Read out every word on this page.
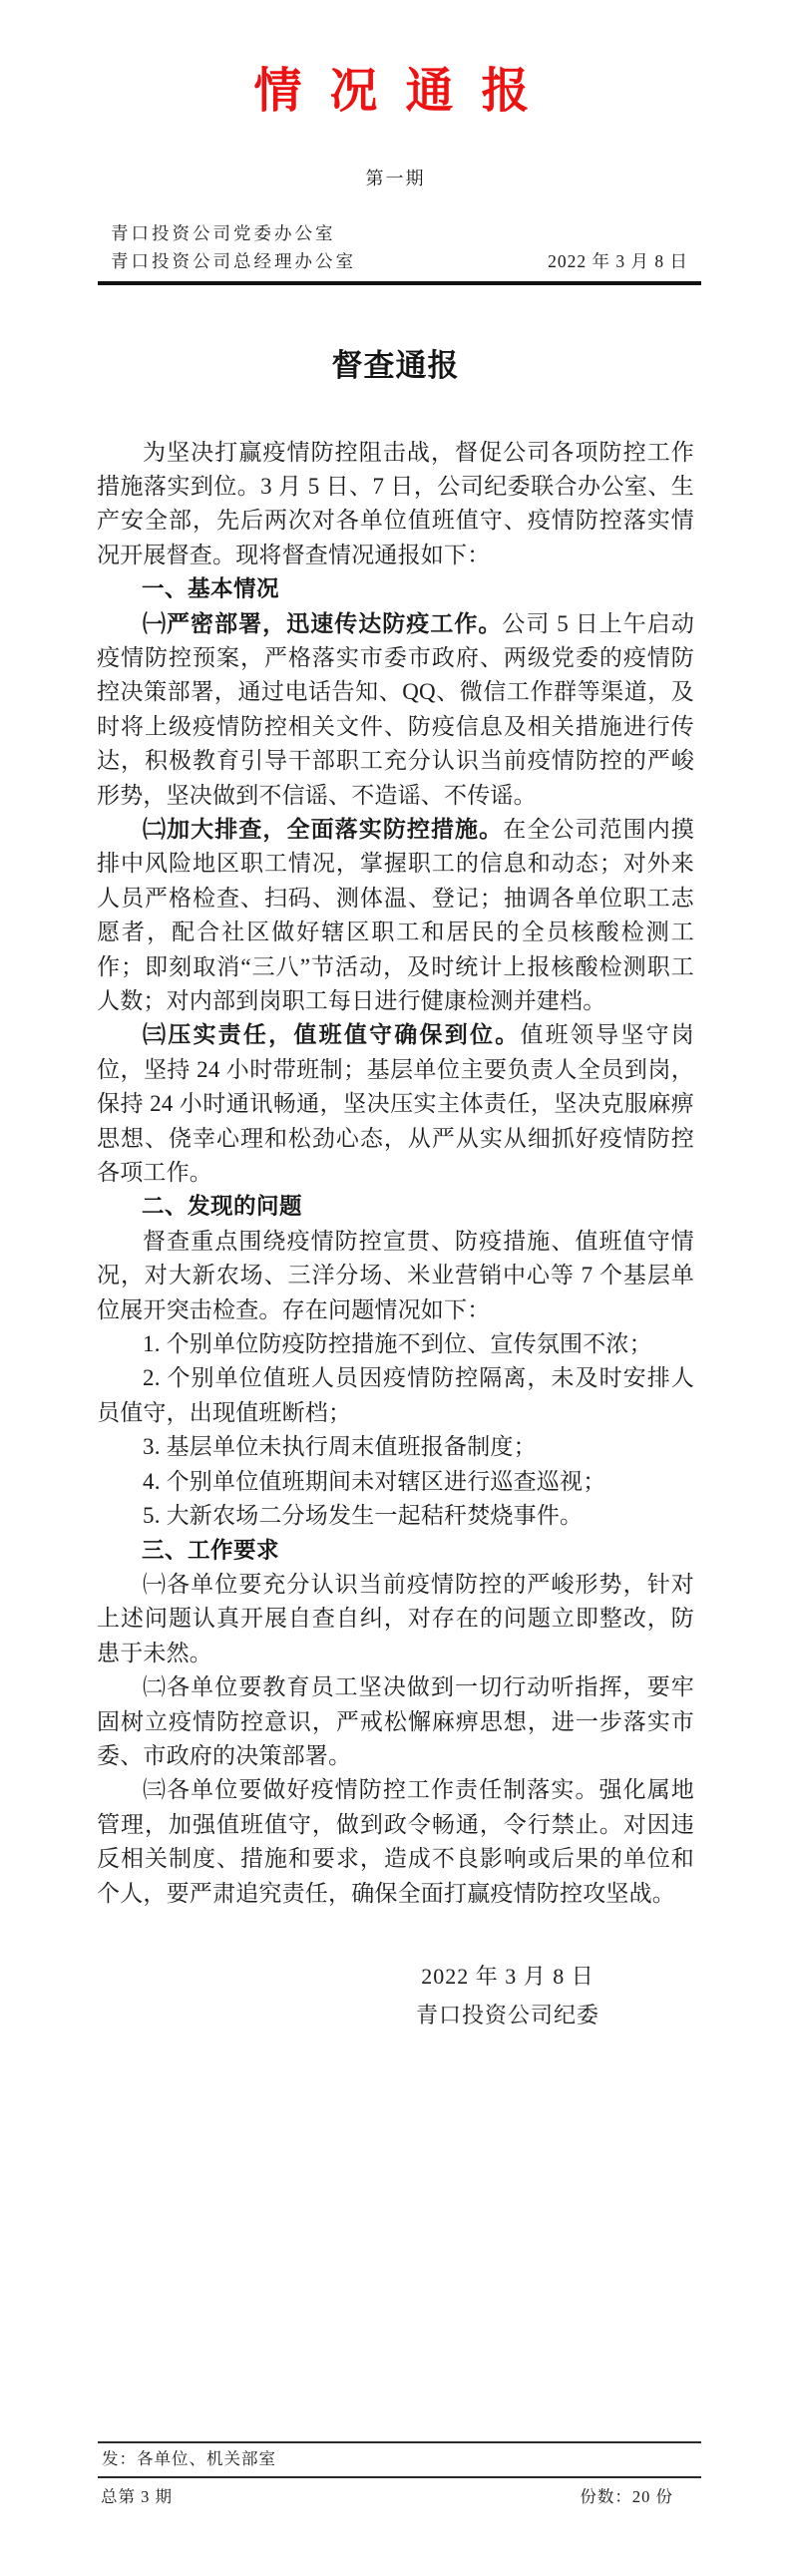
情 况 通 报
第一期
青口投资公司党委办公室
青口投资公司总经理办公室	2022 年 3 月 8 日
督查通报

为坚决打赢疫情防控阻击战，督促公司各项防控工作措施落实到位。3 月 5 日、7 日，公司纪委联合办公室、生产安全部，先后两次对各单位值班值守、疫情防控落实情况开展督查。现将督查情况通报如下：

一、基本情况

㈠严密部署，迅速传达防疫工作。公司 5 日上午启动疫情防控预案，严格落实市委市政府、两级党委的疫情防控决策部署，通过电话告知、QQ、微信工作群等渠道，及时将上级疫情防控相关文件、防疫信息及相关措施进行传达，积极教育引导干部职工充分认识当前疫情防控的严峻形势，坚决做到不信谣、不造谣、不传谣。

㈡加大排查，全面落实防控措施。在全公司范围内摸排中风险地区职工情况，掌握职工的信息和动态；对外来人员严格检查、扫码、测体温、登记；抽调各单位职工志愿者，配合社区做好辖区职工和居民的全员核酸检测工作；即刻取消“三八”节活动，及时统计上报核酸检测职工人数；对内部到岗职工每日进行健康检测并建档。

㈢压实责任，值班值守确保到位。值班领导坚守岗位，坚持 24 小时带班制；基层单位主要负责人全员到岗，保持 24 小时通讯畅通，坚决压实主体责任，坚决克服麻痹思想、侥幸心理和松劲心态，从严从实从细抓好疫情防控各项工作。

二、发现的问题

督查重点围绕疫情防控宣贯、防疫措施、值班值守情况，对大新农场、三洋分场、米业营销中心等 7 个基层单位展开突击检查。存在问题情况如下：

1. 个别单位防疫防控措施不到位、宣传氛围不浓；

2. 个别单位值班人员因疫情防控隔离，未及时安排人员值守，出现值班断档；

3. 基层单位未执行周末值班报备制度；

4. 个别单位值班期间未对辖区进行巡查巡视；

5. 大新农场二分场发生一起秸秆焚烧事件。

三、工作要求

㈠各单位要充分认识当前疫情防控的严峻形势，针对上述问题认真开展自查自纠，对存在的问题立即整改，防患于未然。

㈡各单位要教育员工坚决做到一切行动听指挥，要牢固树立疫情防控意识，严戒松懈麻痹思想，进一步落实市委、市政府的决策部署。

㈢各单位要做好疫情防控工作责任制落实。强化属地管理，加强值班值守，做到政令畅通，令行禁止。对因违反相关制度、措施和要求，造成不良影响或后果的单位和个人，要严肃追究责任，确保全面打赢疫情防控攻坚战。

2022 年 3 月 8 日
青口投资公司纪委
发：各单位、机关部室
总第 3 期	份数：20 份
